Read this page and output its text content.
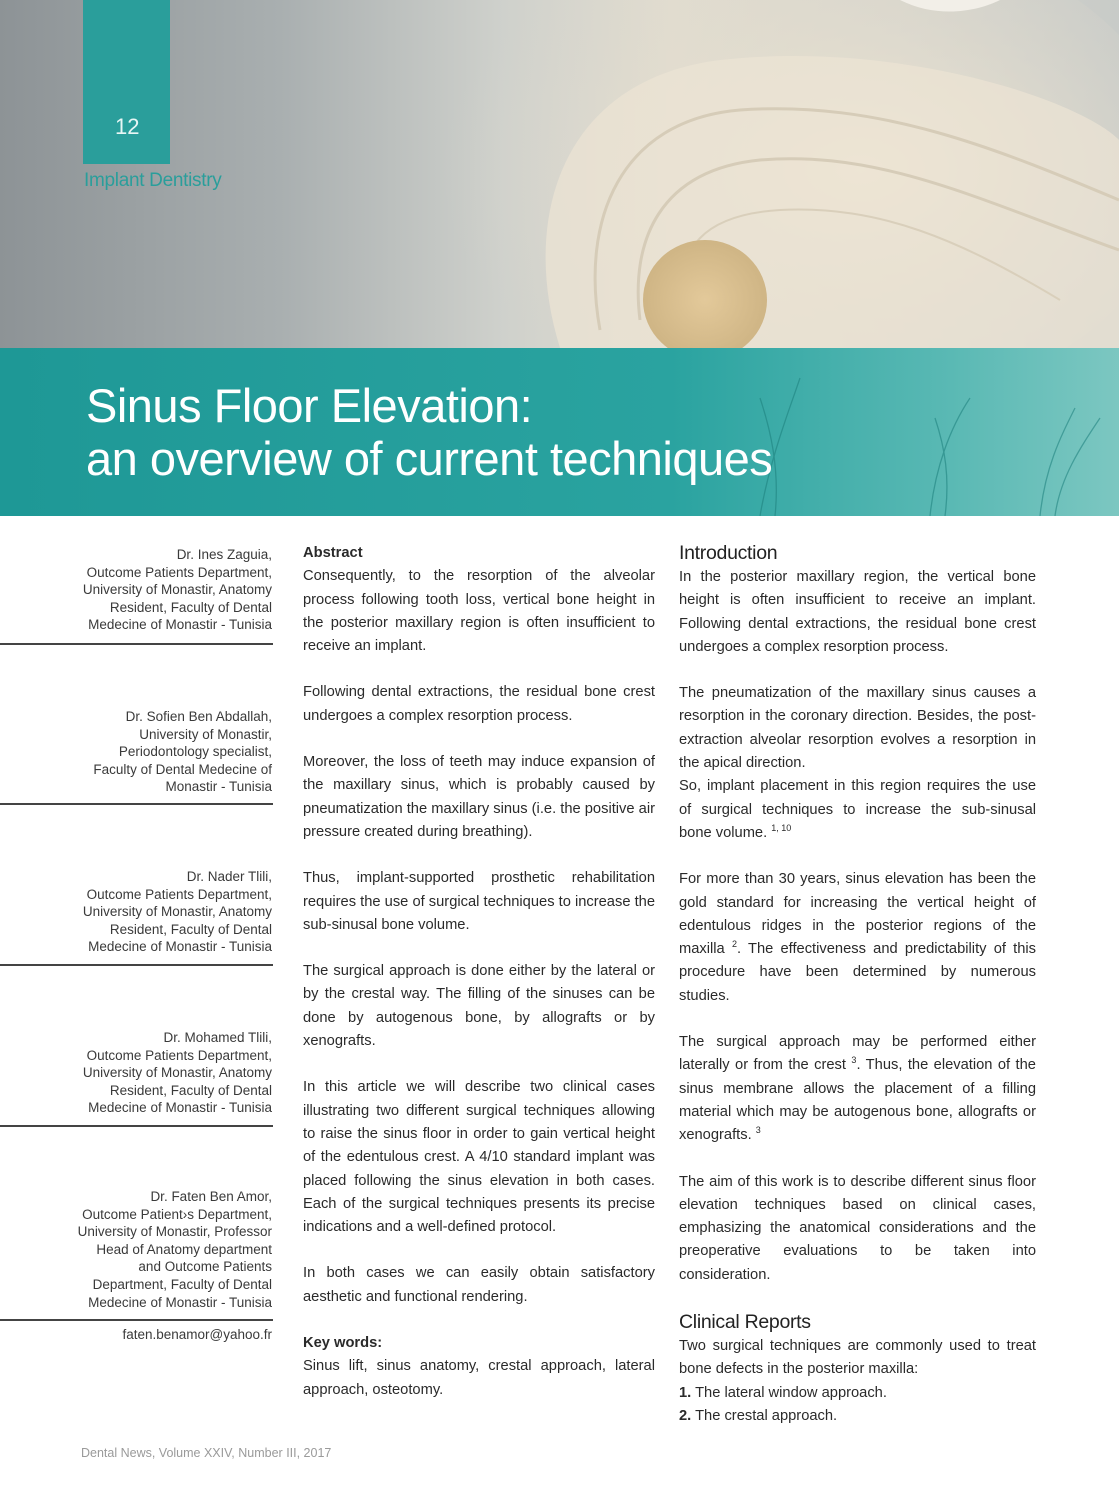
12
Implant Dentistry
Sinus Floor Elevation:
an overview of current techniques
Dr. Ines Zaguia,
Outcome Patients Department,
University of Monastir, Anatomy
Resident, Faculty of Dental
Medecine of Monastir - Tunisia
Dr. Sofien Ben Abdallah,
University of Monastir,
Periodontology specialist,
Faculty of Dental Medecine of
Monastir - Tunisia
Dr. Nader Tlili,
Outcome Patients Department,
University of Monastir, Anatomy
Resident, Faculty of Dental
Medecine of Monastir - Tunisia
Dr. Mohamed Tlili,
Outcome Patients Department,
University of Monastir, Anatomy
Resident, Faculty of Dental
Medecine of Monastir - Tunisia
Dr. Faten Ben Amor,
Outcome Patient›s Department,
University of Monastir, Professor
Head of Anatomy department
and Outcome Patients
Department, Faculty of Dental
Medecine of Monastir - Tunisia
faten.benamor@yahoo.fr

Abstract

Consequently, to the resorption of the alveolar process following tooth loss, vertical bone height in the posterior maxillary region is often insufficient to receive an implant.

Following dental extractions, the residual bone crest undergoes a complex resorption process.

Moreover, the loss of teeth may induce expansion of the maxillary sinus, which is probably caused by pneumatization the maxillary sinus (i.e. the positive air pressure created during breathing).

Thus, implant-supported prosthetic rehabilitation requires the use of surgical techniques to increase the sub-sinusal bone volume.

The surgical approach is done either by the lateral or by the crestal way. The filling of the sinuses can be done by autogenous bone, by allografts or by xenografts.

In this article we will describe two clinical cases illustrating two different surgical techniques allowing to raise the sinus floor in order to gain vertical height of the edentulous crest. A 4/10 standard implant was placed following the sinus elevation in both cases. Each of the surgical techniques presents its precise indications and a well-defined protocol.

In both cases we can easily obtain satisfactory aesthetic and functional rendering.

Key words:

Sinus lift, sinus anatomy, crestal approach, lateral approach, osteotomy.

Introduction

In the posterior maxillary region, the vertical bone height is often insufficient to receive an implant. Following dental extractions, the residual bone crest undergoes a complex resorption process.

The pneumatization of the maxillary sinus causes a resorption in the coronary direction. Besides, the post-extraction alveolar resorption evolves a resorption in the apical direction.

So, implant placement in this region requires the use of surgical techniques to increase the sub-sinusal bone volume. $^{1, 10}$

For more than 30 years, sinus elevation has been the gold standard for increasing the vertical height of edentulous ridges in the posterior regions of the maxilla $^2$. The effectiveness and predictability of this procedure have been determined by numerous studies.

The surgical approach may be performed either laterally or from the crest $^3$. Thus, the elevation of the sinus membrane allows the placement of a filling material which may be autogenous bone, allografts or xenografts. $^3$

The aim of this work is to describe different sinus floor elevation techniques based on clinical cases, emphasizing the anatomical considerations and the preoperative evaluations to be taken into consideration.

Clinical Reports

Two surgical techniques are commonly used to treat bone defects in the posterior maxilla:

1. The lateral window approach.

2. The crestal approach.

Dental News, Volume XXIV, Number III, 2017
